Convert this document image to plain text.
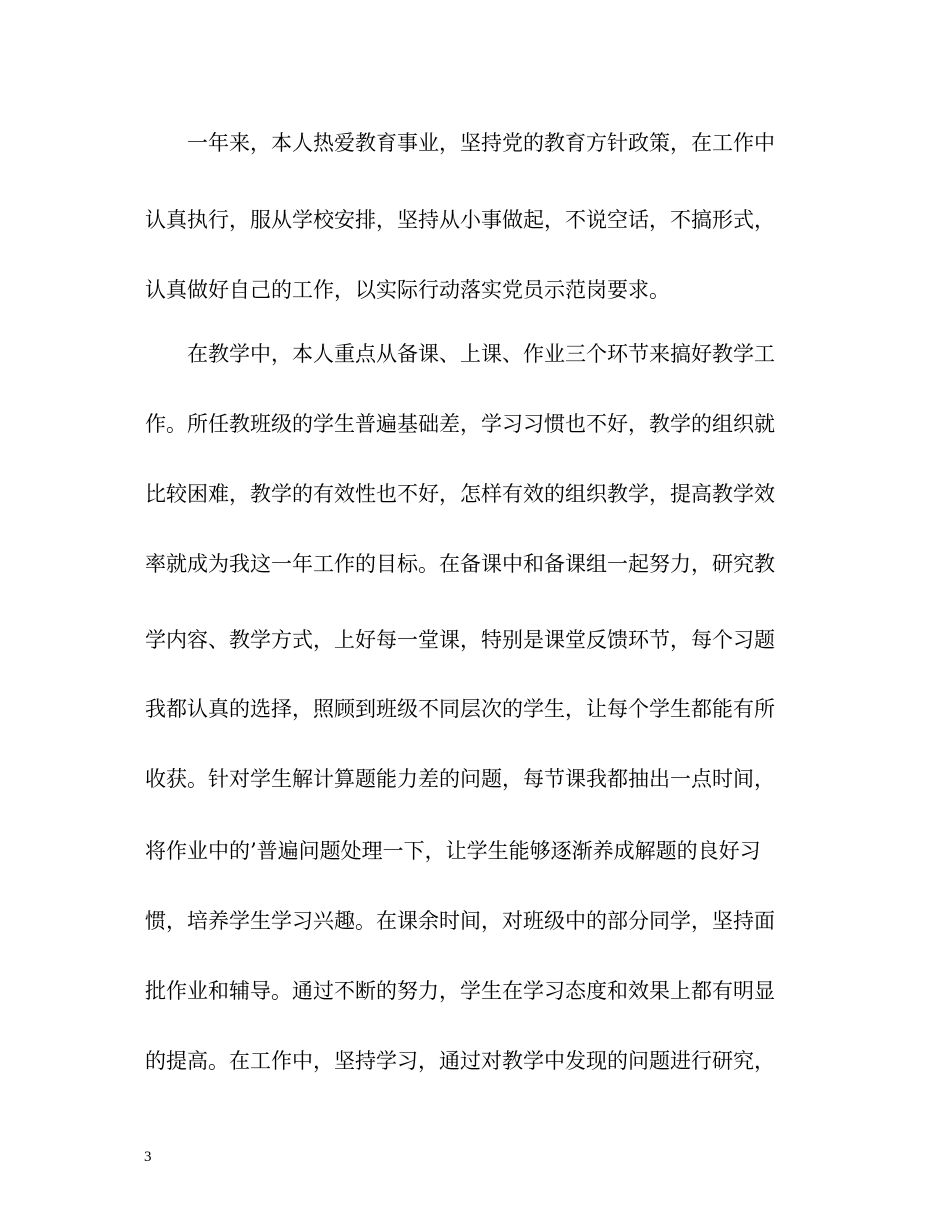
　　一年来，本人热爱教育事业，坚持党的教育方针政策，在工作中
认真执行，服从学校安排，坚持从小事做起，不说空话，不搞形式，
认真做好自己的工作，以实际行动落实党员示范岗要求。
　　在教学中，本人重点从备课、上课、作业三个环节来搞好教学工
作。所任教班级的学生普遍基础差，学习习惯也不好，教学的组织就
比较困难，教学的有效性也不好，怎样有效的组织教学，提高教学效
率就成为我这一年工作的目标。在备课中和备课组一起努力，研究教
学内容、教学方式，上好每一堂课，特别是课堂反馈环节，每个习题
我都认真的选择，照顾到班级不同层次的学生，让每个学生都能有所
收获。针对学生解计算题能力差的问题，每节课我都抽出一点时间，
将作业中的’普遍问题处理一下，让学生能够逐渐养成解题的良好习
惯，培养学生学习兴趣。在课余时间，对班级中的部分同学，坚持面
批作业和辅导。通过不断的努力，学生在学习态度和效果上都有明显
的提高。在工作中，坚持学习，通过对教学中发现的问题进行研究，
3
